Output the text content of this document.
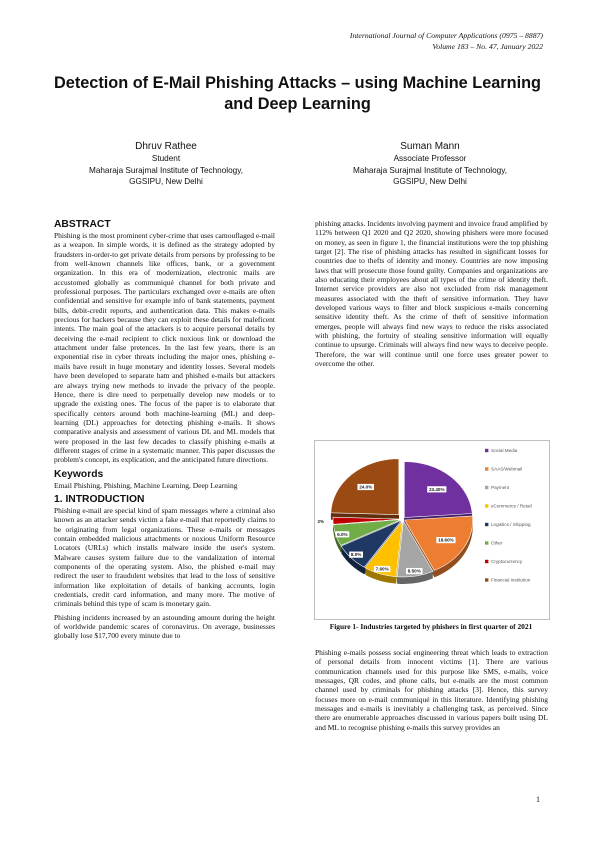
International Journal of Computer Applications (0975 – 8887)
Volume 183 – No. 47, January 2022
Detection of E-Mail Phishing Attacks – using Machine Learning and Deep Learning
Dhruv Rathee
Student
Maharaja Surajmal Institute of Technology,
GGSIPU, New Delhi
Suman Mann
Associate Professor
Maharaja Surajmal Institute of Technology,
GGSIPU, New Delhi
ABSTRACT

Phishing is the most prominent cyber-crime that uses camouflaged e-mail as a weapon. In simple words, it is defined as the strategy adopted by fraudsters in-order-to get private details from persons by professing to be from well-known channels like offices, bank, or a government organization. In this era of modernization, electronic mails are accustomed globally as communiqué channel for both private and professional purposes. The particulars exchanged over e-mails are often confidential and sensitive for example info of bank statements, payment bills, debit-credit reports, and authentication data. This makes e-mails precious for hackers because they can exploit these details for maleficent intents. The main goal of the attackers is to acquire personal details by deceiving the e-mail recipient to click noxious link or download the attachment under false pretences. In the last few years, there is an exponential rise in cyber threats including the major ones, phishing e-mails have result in huge monetary and identity losses. Several models have been developed to separate ham and phished e-mails but attackers are always trying new methods to invade the privacy of the people. Hence, there is dire need to perpetually develop new models or to upgrade the existing ones. The focus of the paper is to elaborate that specifically centers around both machine-learning (ML) and deep-learning (DL) approaches for detecting phishing e-mails. It shows comparative analysis and assessment of various DL and ML models that were proposed in the last few decades to classify phishing e-mails at different stages of crime in a systematic manner. This paper discusses the problem's concept, its explication, and the anticipated future directions.

Keywords

Email Phishing, Phishing, Machine Learning, Deep Learning

1. INTRODUCTION

Phishing e-mail are special kind of spam messages where a criminal also known as an attacker sends victim a fake e-mail that reportedly claims to be originating from legal organizations. These e-mails or messages contain embedded malicious attachments or noxious Uniform Resource Locators (URLs) which installs malware inside the user's system. Malware causes system failure due to the vandalization of internal components of the operating system. Also, the phished e-mail may redirect the user to fraudulent websites that lead to the loss of sensitive information like exploitation of details of banking accounts, login credentials, credit card information, and many more. The motive of criminals behind this type of scam is monetary gain.

Phishing incidents increased by an astounding amount during the height of worldwide pandemic scares of coronavirus. On average, businesses globally lose $17,700 every minute due to

phishing attacks. Incidents involving payment and invoice fraud amplified by 112% between Q1 2020 and Q2 2020, showing phishers were more focused on money, as seen in figure 1, the financial institutions were the top phishing target [2]. The rise of phishing attacks has resulted in significant losses for countries due to thefts of identity and money. Countries are now imposing laws that will prosecute those found guilty. Companies and organizations are also educating their employees about all types of the crime of identity theft. Internet service providers are also not excluded from risk management measures associated with the theft of sensitive information. They have developed various ways to filter and block suspicious e-mails concerning sensitive identity theft. As the crime of theft of sensitive information emerges, people will always find new ways to reduce the risks associated with phishing, the fortuity of stealing sensitive information will equally continue to upsurge. Criminals will always find new ways to deceive people. Therefore, the war will continue until one force uses greater power to overcome the other.

23.40%
18.60%
8.50%
7.60%
8.0%
6.0%
2%
24.0%
Social Media
SAAS/Webmail
Payment
eCommerce / Retail
Logistics / Shipping
Other
Cryptocurrency
Financial Institution
Figure 1- Industries targeted by phishers in first quarter of 2021

Phishing e-mails possess social engineering threat which leads to extraction of personal details from innocent victims [1]. There are various communication channels used for this purpose like SMS, e-mails, voice messages, QR codes, and phone calls, but e-mails are the most common channel used by criminals for phishing attacks [3]. Hence, this survey focuses more on e-mail communiqué in this literature. Identifying phishing messages and e-mails is inevitably a challenging task, as perceived. Since there are enumerable approaches discussed in various papers built using DL and ML to recognise phishing e-mails this survey provides an

1
